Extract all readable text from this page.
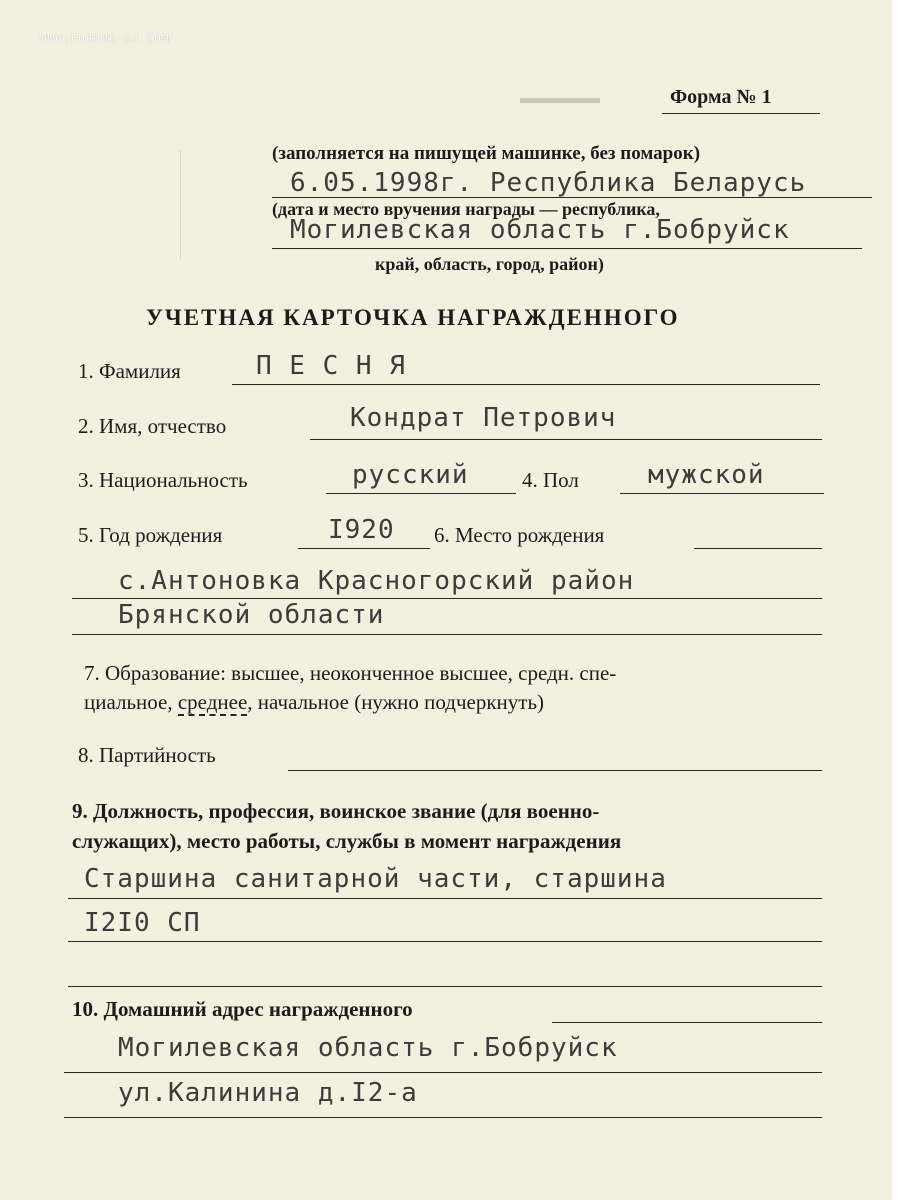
WWW.FORUMS-SU.COM
▬▬▬▬▬	Форма № 1
(заполняется на пишущей машинке, без помарок)
6.05.1998г. Республика Беларусь
(дата и место вручения награды — республика,
Могилевская область г.Бобруйск
край, область, город, район)
УЧЕТНАЯ КАРТОЧКА НАГРАЖДЕННОГО
1. Фамилия	П Е С Н Я
2. Имя, отчество	Кондрат Петрович
3. Национальность	русский	4. Пол	мужской
5. Год рождения	I920 6. Место рождения
с.Антоновка Красногорский район
Брянской области
7. Образование: высшее, неоконченное высшее, средн. спе-
циальное, среднее, начальное (нужно подчеркнуть)
8. Партийность
9. Должность, профессия, воинское звание (для военно-
служащих), место работы, службы в момент награждения
Старшина санитарной части, старшина
I2I0 СП
10. Домашний адрес награжденного
Могилевская область г.Бобруйск
ул.Калинина д.I2-а
